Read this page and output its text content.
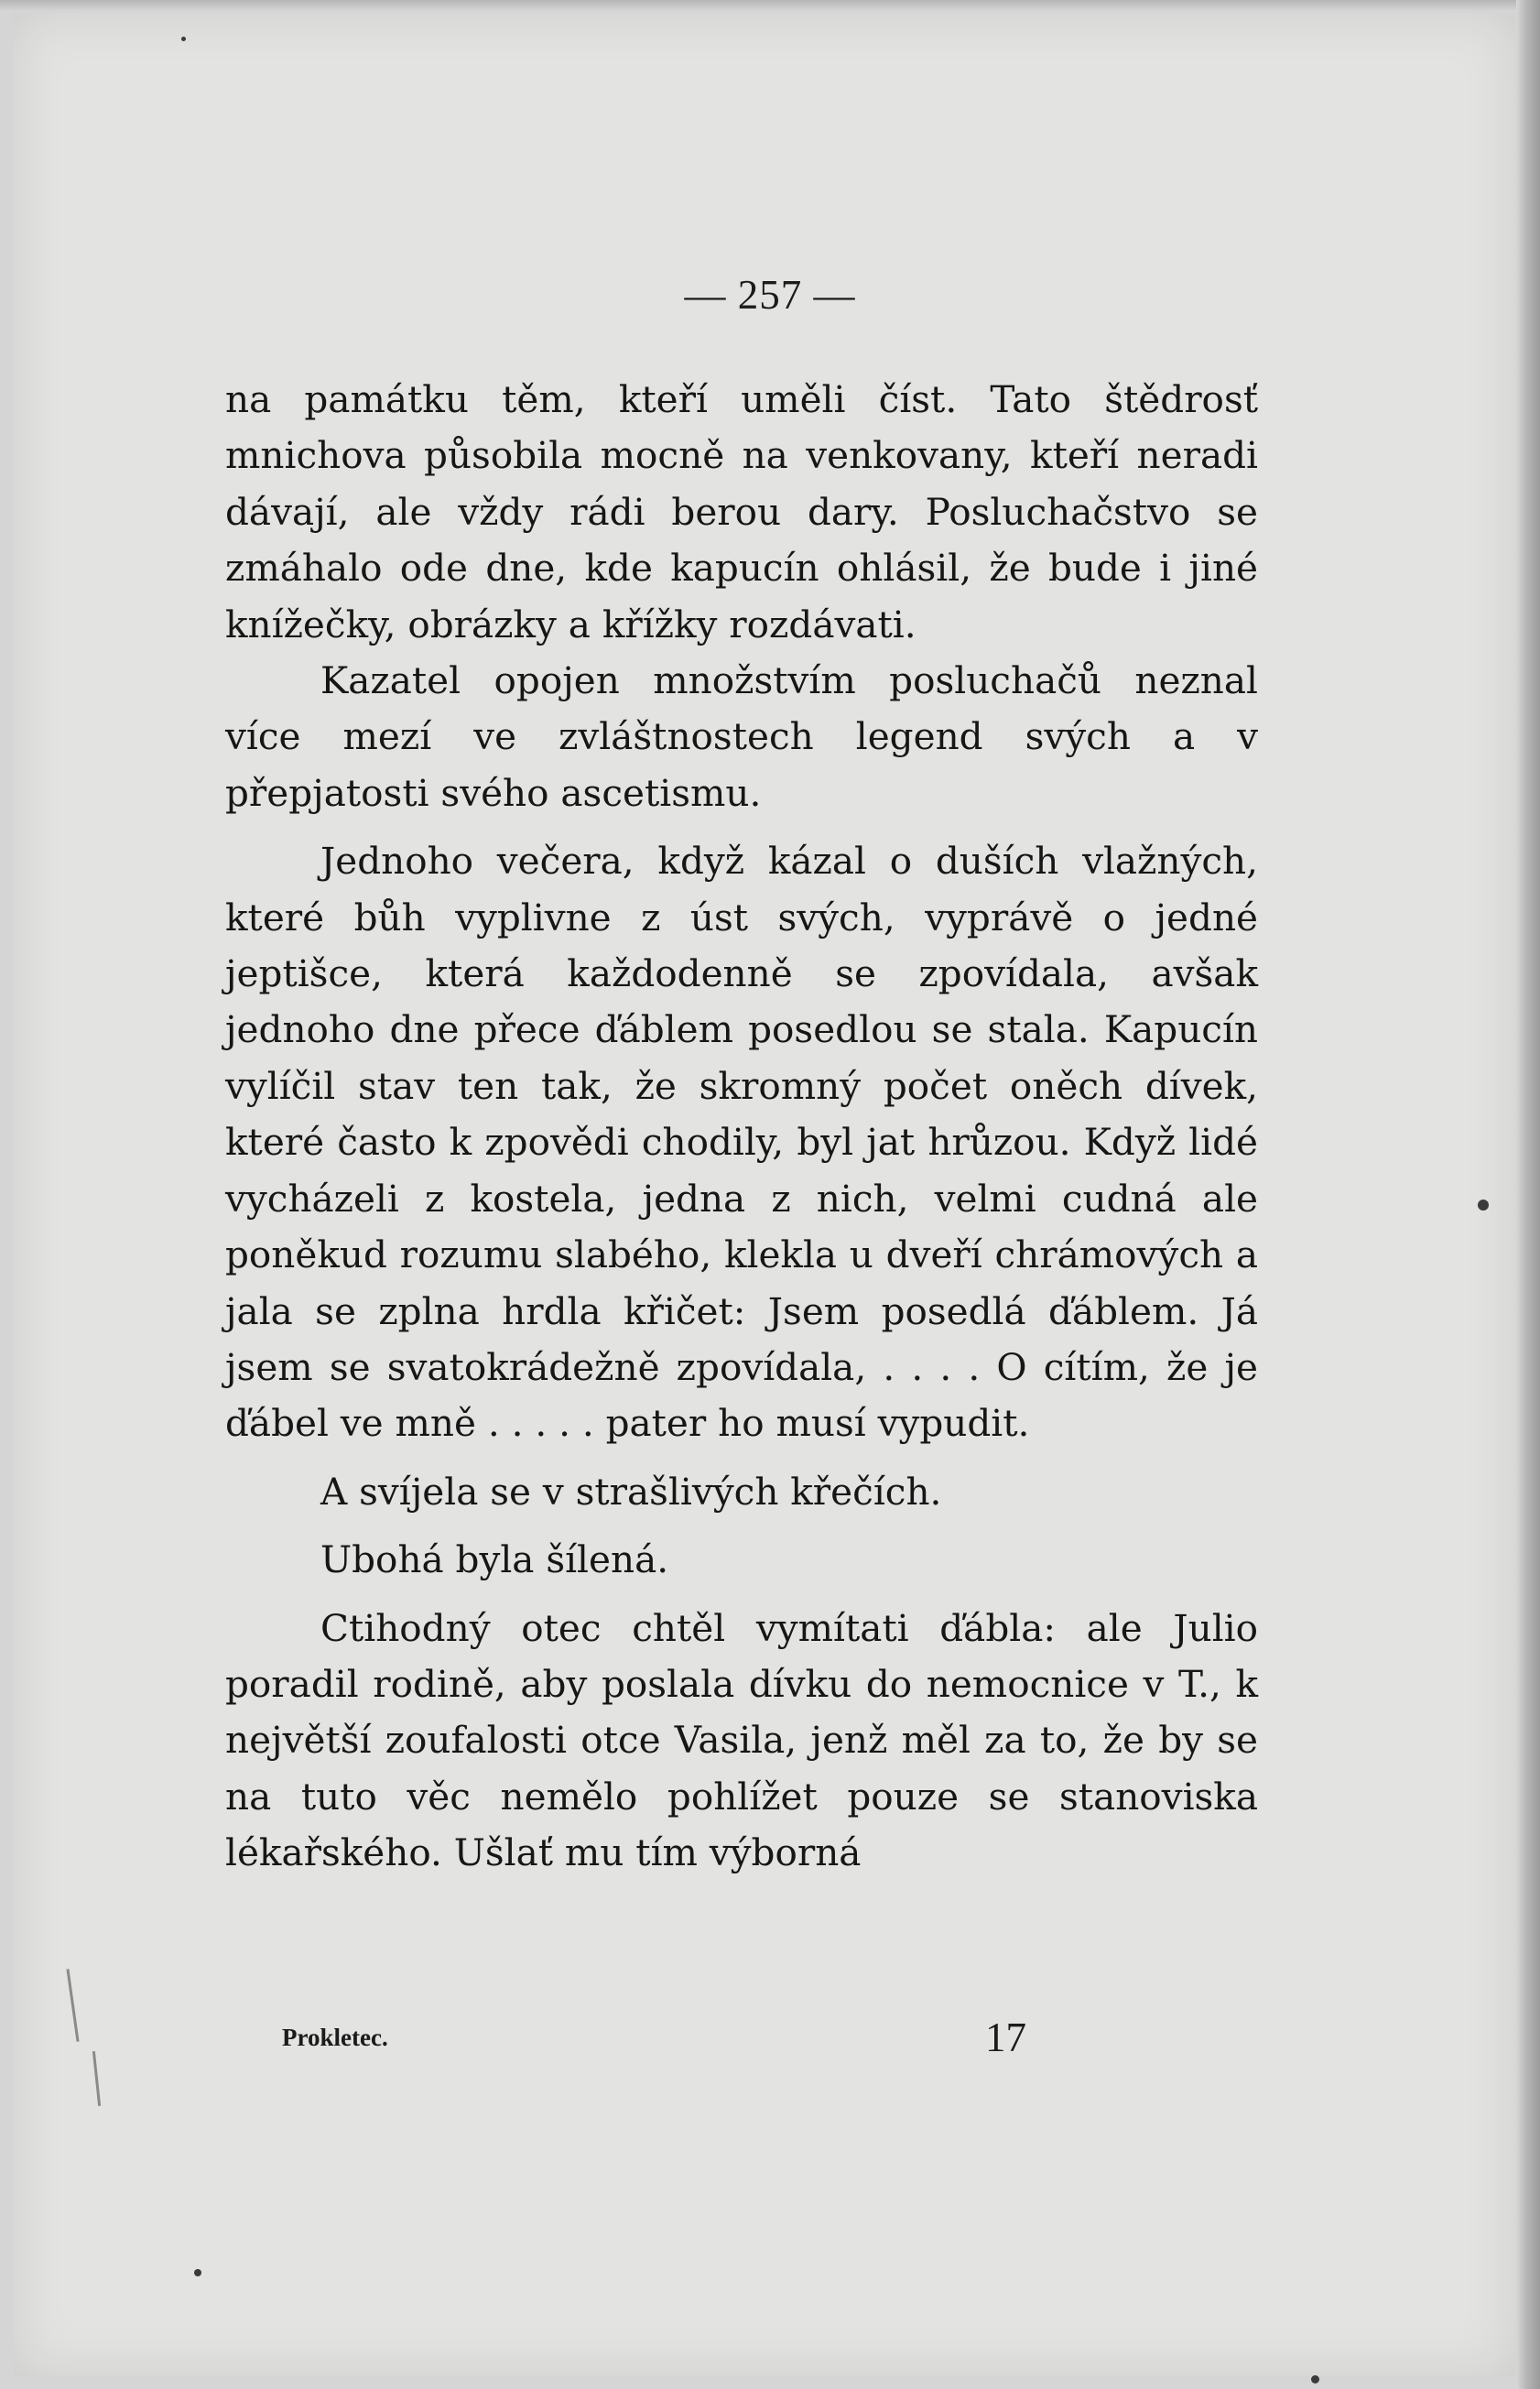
— 257 —

na památku těm, kteří uměli číst. Tato štědrosť mnichova působila mocně na venkovany, kteří neradi dávají, ale vždy rádi berou dary. Posluchačstvo se zmáhalo ode dne, kde kapucín ohlásil, že bude i jiné knížečky, obrázky a křížky rozdávati.

Kazatel opojen množstvím posluchačů neznal více mezí ve zvláštnostech legend svých a v přepjatosti svého ascetismu.

Jednoho večera, když kázal o duších vlažných, které bůh vyplivne z úst svých, vyprávě o jedné jeptišce, která každodenně se zpovídala, avšak jednoho dne přece ďáblem posedlou se stala. Kapucín vylíčil stav ten tak, že skromný počet oněch dívek, které často k zpovědi chodily, byl jat hrůzou. Když lidé vycházeli z kostela, jedna z nich, velmi cudná ale poněkud rozumu slabého, klekla u dveří chrámových a jala se zplna hrdla křičet: Jsem posedlá ďáblem. Já jsem se svatokrádežně zpovídala, . . . . O cítím, že je ďábel ve mně . . . . . pater ho musí vypudit.

A svíjela se v strašlivých křečích.

Ubohá byla šílená.

Ctihodný otec chtěl vymítati ďábla: ale Julio poradil rodině, aby poslala dívku do nemocnice v T., k největší zoufalosti otce Vasila, jenž měl za to, že by se na tuto věc nemělo pohlížet pouze se stanoviska lékařského. Ušlať mu tím výborná

Prokletec.	17
